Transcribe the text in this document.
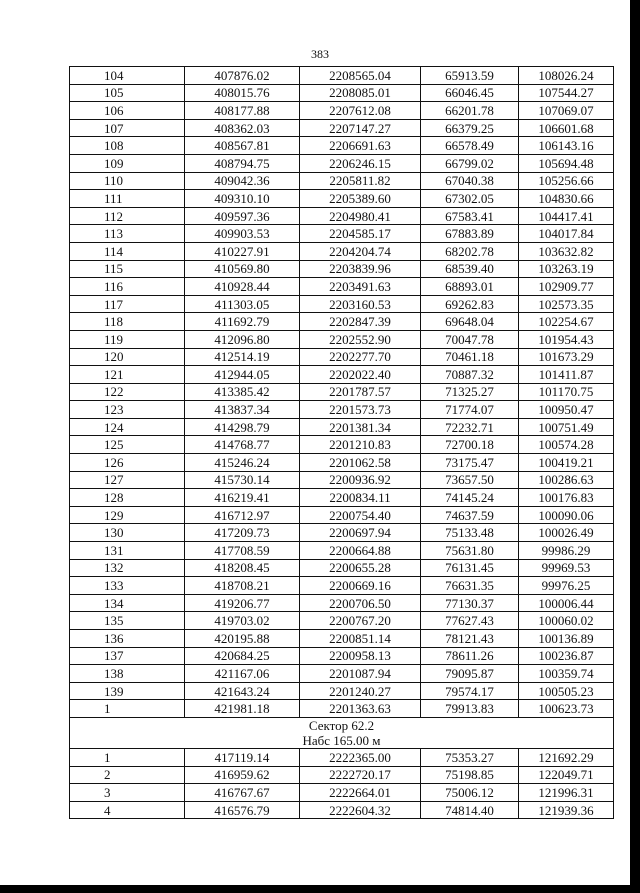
383
104	407876.02	2208565.04	65913.59	108026.24
105	408015.76	2208085.01	66046.45	107544.27
106	408177.88	2207612.08	66201.78	107069.07
107	408362.03	2207147.27	66379.25	106601.68
108	408567.81	2206691.63	66578.49	106143.16
109	408794.75	2206246.15	66799.02	105694.48
110	409042.36	2205811.82	67040.38	105256.66
111	409310.10	2205389.60	67302.05	104830.66
112	409597.36	2204980.41	67583.41	104417.41
113	409903.53	2204585.17	67883.89	104017.84
114	410227.91	2204204.74	68202.78	103632.82
115	410569.80	2203839.96	68539.40	103263.19
116	410928.44	2203491.63	68893.01	102909.77
117	411303.05	2203160.53	69262.83	102573.35
118	411692.79	2202847.39	69648.04	102254.67
119	412096.80	2202552.90	70047.78	101954.43
120	412514.19	2202277.70	70461.18	101673.29
121	412944.05	2202022.40	70887.32	101411.87
122	413385.42	2201787.57	71325.27	101170.75
123	413837.34	2201573.73	71774.07	100950.47
124	414298.79	2201381.34	72232.71	100751.49
125	414768.77	2201210.83	72700.18	100574.28
126	415246.24	2201062.58	73175.47	100419.21
127	415730.14	2200936.92	73657.50	100286.63
128	416219.41	2200834.11	74145.24	100176.83
129	416712.97	2200754.40	74637.59	100090.06
130	417209.73	2200697.94	75133.48	100026.49
131	417708.59	2200664.88	75631.80	99986.29
132	418208.45	2200655.28	76131.45	99969.53
133	418708.21	2200669.16	76631.35	99976.25
134	419206.77	2200706.50	77130.37	100006.44
135	419703.02	2200767.20	77627.43	100060.02
136	420195.88	2200851.14	78121.43	100136.89
137	420684.25	2200958.13	78611.26	100236.87
138	421167.06	2201087.94	79095.87	100359.74
139	421643.24	2201240.27	79574.17	100505.23
1	421981.18	2201363.63	79913.83	100623.73

Сектор 62.2
Набс 165.00 м				

1	417119.14	2222365.00	75353.27	121692.29
2	416959.62	2222720.17	75198.85	122049.71
3	416767.67	2222664.01	75006.12	121996.31
4	416576.79	2222604.32	74814.40	121939.36
